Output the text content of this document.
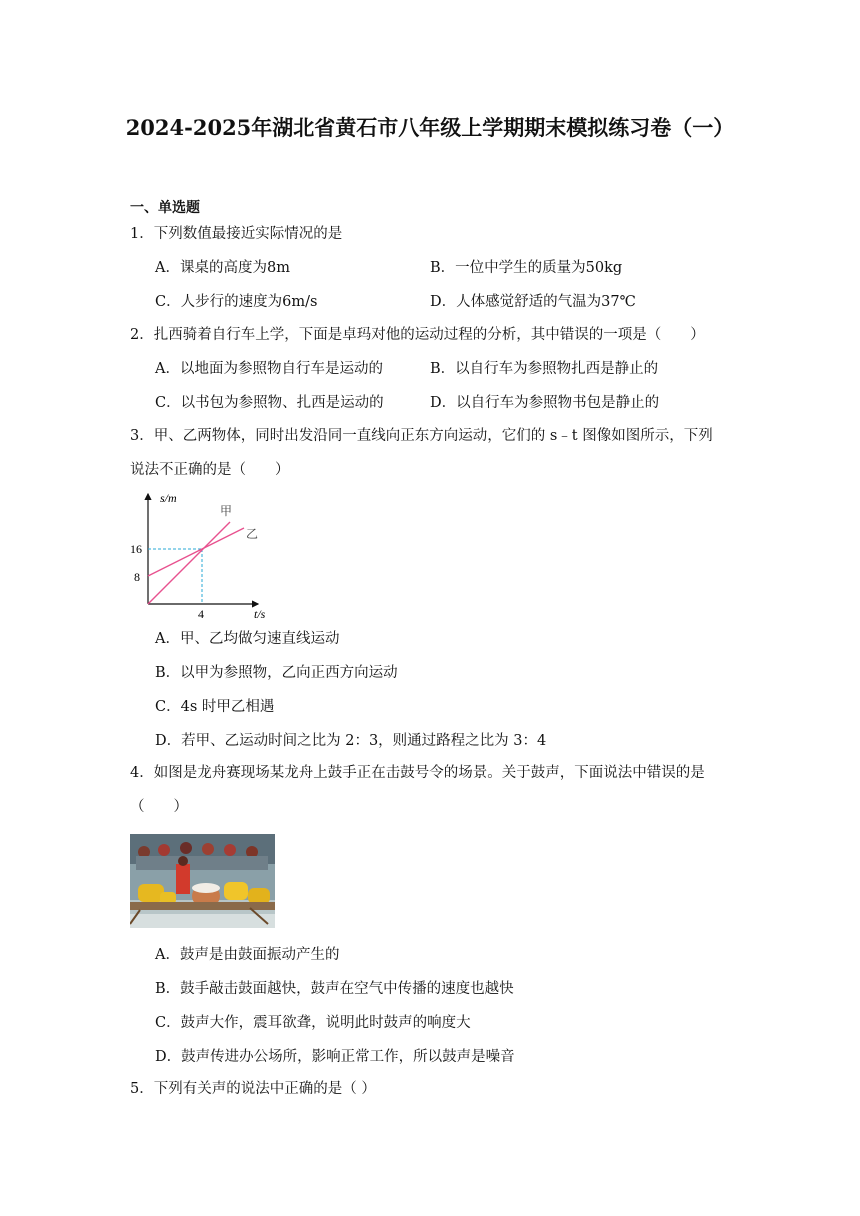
2024-2025年湖北省黄石市八年级上学期期末模拟练习卷（一）
一、单选题
1．下列数值最接近实际情况的是
A．课桌的高度为8m	B．一位中学生的质量为50kg
C．人步行的速度为6m/s	D．人体感觉舒适的气温为37℃
2．扎西骑着自行车上学，下面是卓玛对他的运动过程的分析，其中错误的一项是（　　）
A．以地面为参照物自行车是运动的	B．以自行车为参照物扎西是静止的
C．以书包为参照物、扎西是运动的	D．以自行车为参照物书包是静止的
3．甲、乙两物体，同时出发沿同一直线向正东方向运动，它们的 s﹣t 图像如图所示，下列
说法不正确的是（　　）
s/m
t/s
16
8
4
甲
乙
A．甲、乙均做匀速直线运动
B．以甲为参照物，乙向正西方向运动
C．4s 时甲乙相遇
D．若甲、乙运动时间之比为 2：3，则通过路程之比为 3：4
4．如图是龙舟赛现场某龙舟上鼓手正在击鼓号令的场景。关于鼓声，下面说法中错误的是
（　　）
A．鼓声是由鼓面振动产生的
B．鼓手敲击鼓面越快，鼓声在空气中传播的速度也越快
C．鼓声大作，震耳欲聋，说明此时鼓声的响度大
D．鼓声传进办公场所，影响正常工作，所以鼓声是噪音
5．下列有关声的说法中正确的是（ ）
